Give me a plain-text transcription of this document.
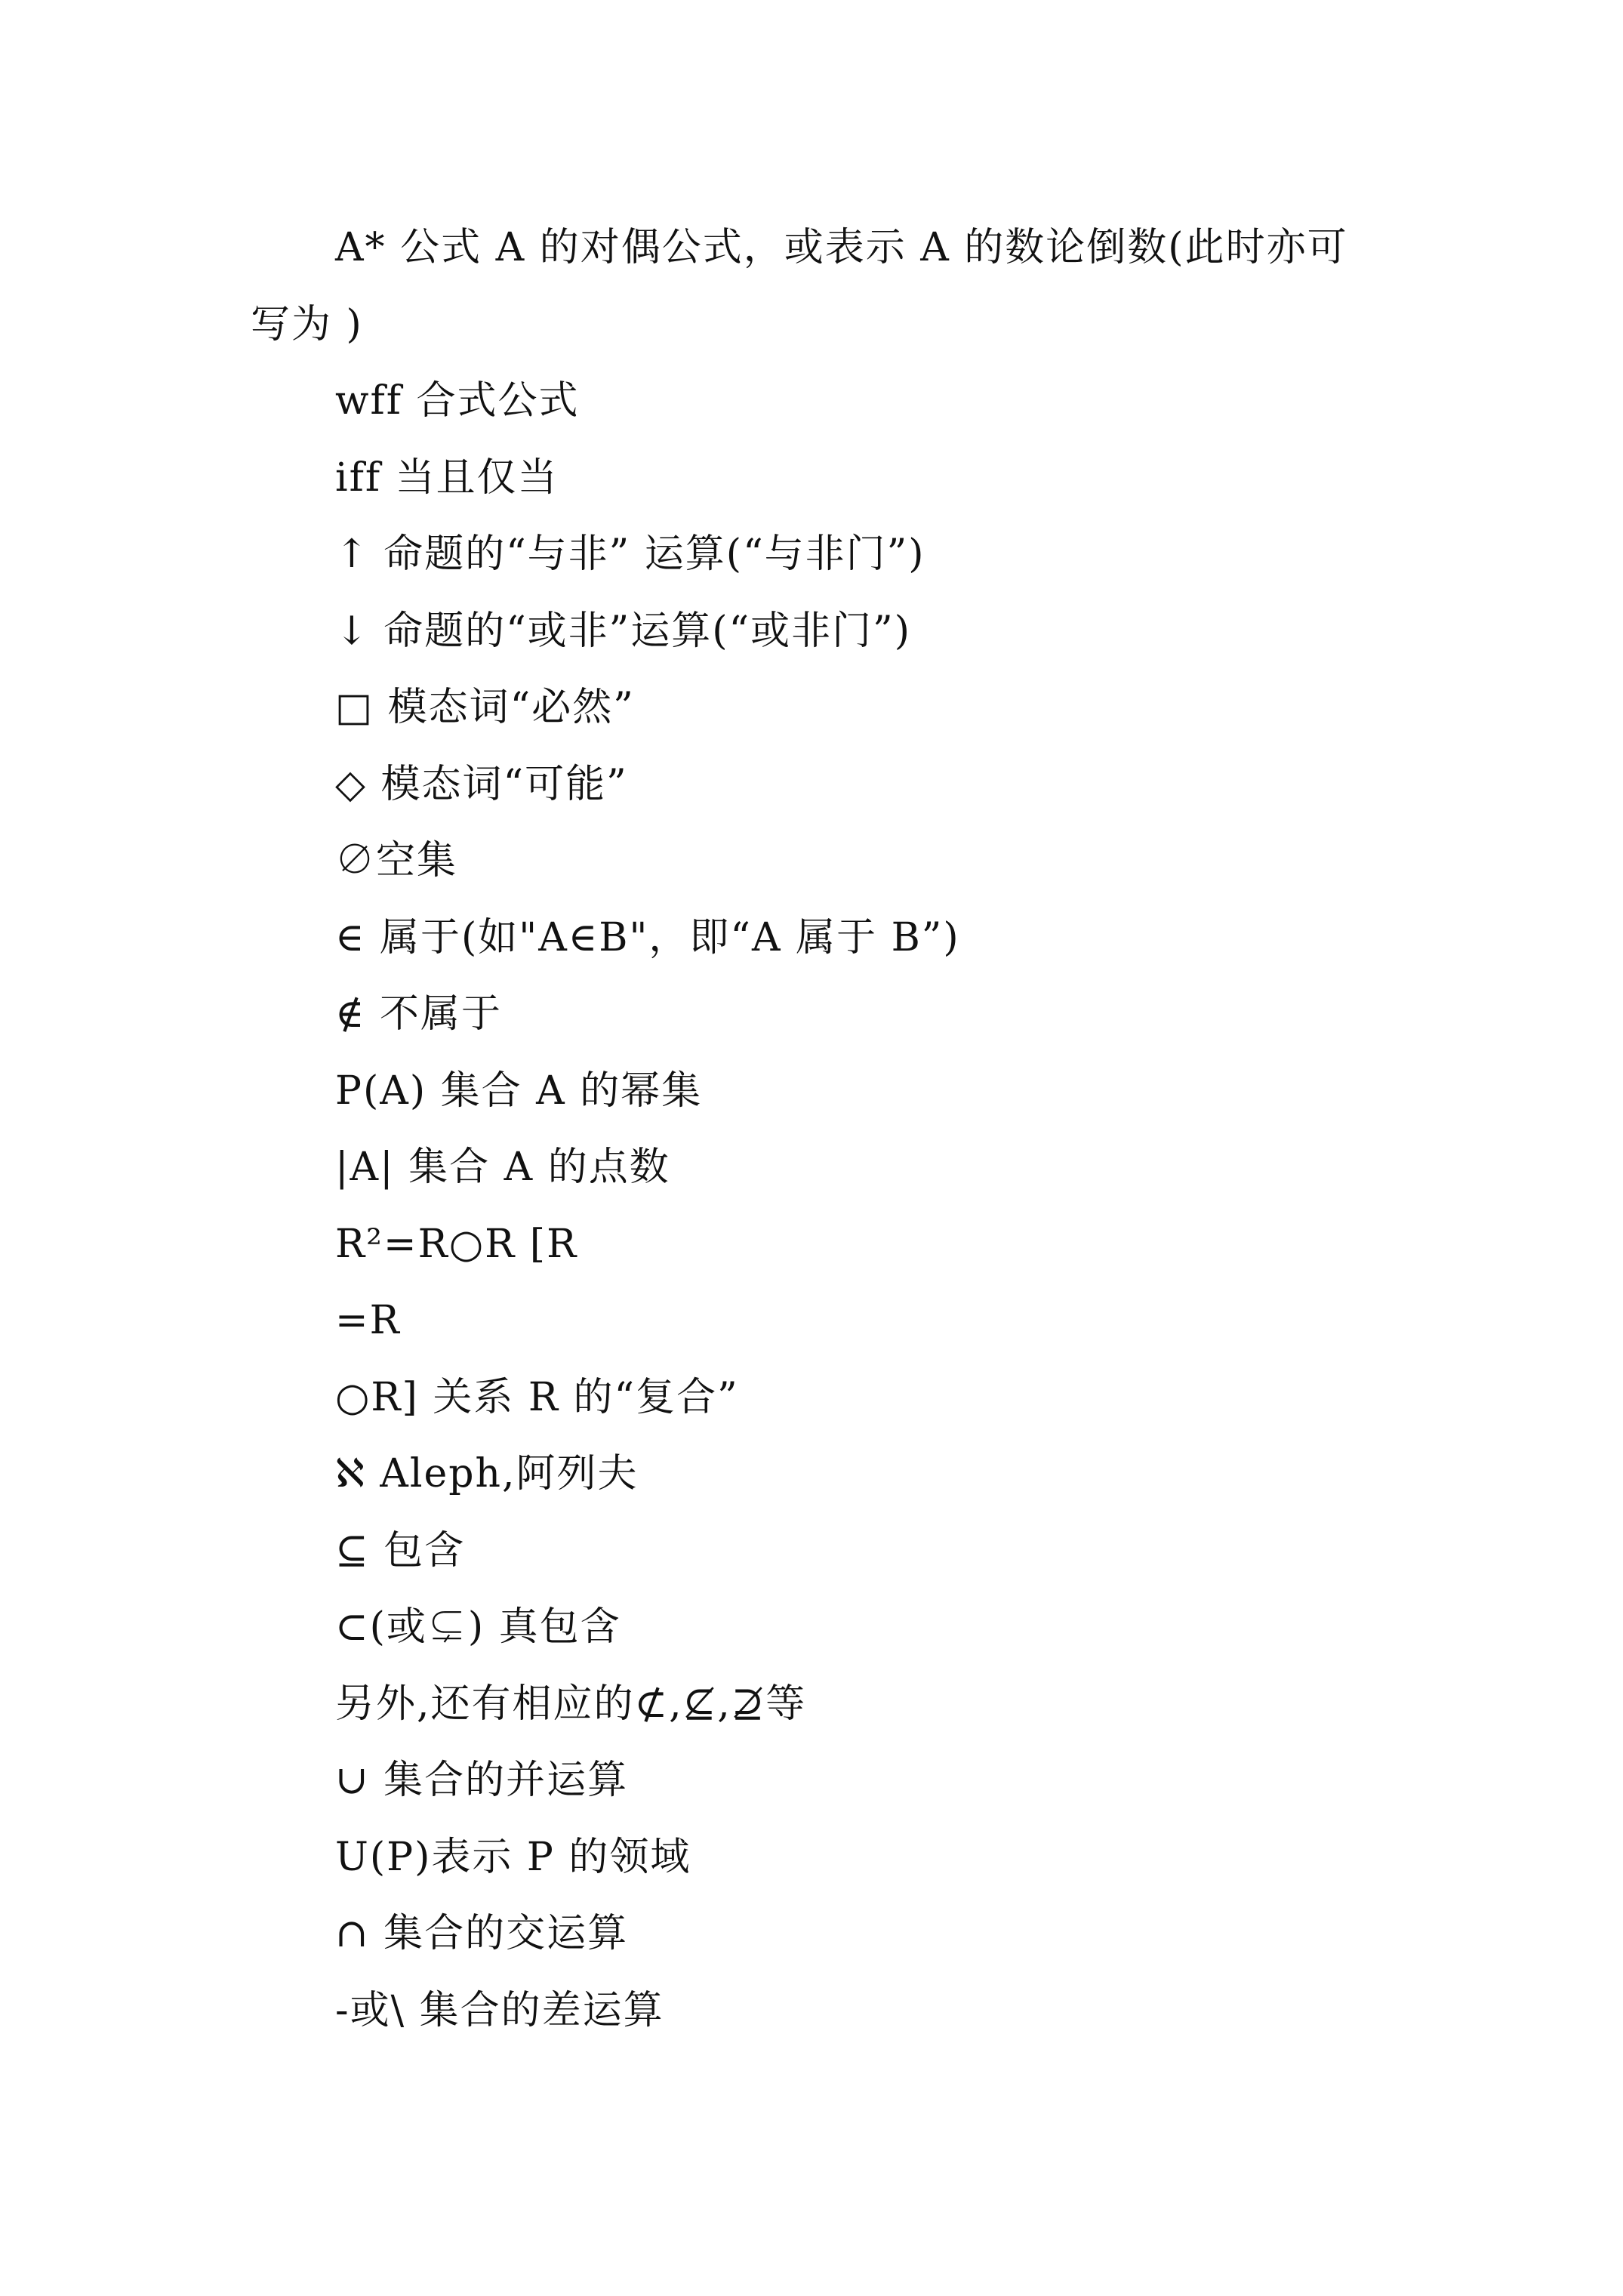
A* 公式 A 的对偶公式，或表示 A 的数论倒数(此时亦可
写为 )
wff 合式公式
iff 当且仅当
↑ 命题的“与非” 运算(“与非门”)
↓ 命题的“或非”运算(“或非门”)
□ 模态词“必然”
◇ 模态词“可能”
∅空集
∈ 属于(如"A∈B"，即“A 属于 B”)
∉ 不属于
P(A) 集合 A 的幂集
|A| 集合 A 的点数
R²=R○R [R
=R
○R] 关系 R 的“复合”
ℵ Aleph,阿列夫
⊆ 包含
⊂(或⊊) 真包含
另外,还有相应的⊄,⊈,⊉等
∪ 集合的并运算
U(P)表示 P 的领域
∩ 集合的交运算
-或\ 集合的差运算
